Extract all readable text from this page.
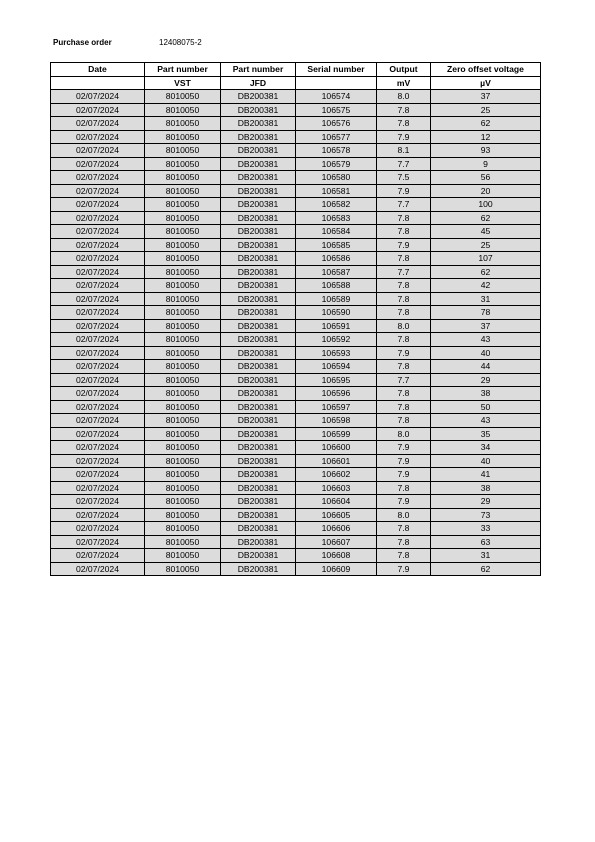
Purchase order	12408075-2
Date	Part number	Part number	Serial number	Output	Zero offset voltage
	VST	JFD		mV	µV
02/07/2024	8010050	DB200381	106574	8.0	37
02/07/2024	8010050	DB200381	106575	7.8	25
02/07/2024	8010050	DB200381	106576	7.8	62
02/07/2024	8010050	DB200381	106577	7.9	12
02/07/2024	8010050	DB200381	106578	8.1	93
02/07/2024	8010050	DB200381	106579	7.7	9
02/07/2024	8010050	DB200381	106580	7.5	56
02/07/2024	8010050	DB200381	106581	7.9	20
02/07/2024	8010050	DB200381	106582	7.7	100
02/07/2024	8010050	DB200381	106583	7.8	62
02/07/2024	8010050	DB200381	106584	7.8	45
02/07/2024	8010050	DB200381	106585	7.9	25
02/07/2024	8010050	DB200381	106586	7.8	107
02/07/2024	8010050	DB200381	106587	7.7	62
02/07/2024	8010050	DB200381	106588	7.8	42
02/07/2024	8010050	DB200381	106589	7.8	31
02/07/2024	8010050	DB200381	106590	7.8	78
02/07/2024	8010050	DB200381	106591	8.0	37
02/07/2024	8010050	DB200381	106592	7.8	43
02/07/2024	8010050	DB200381	106593	7.9	40
02/07/2024	8010050	DB200381	106594	7.8	44
02/07/2024	8010050	DB200381	106595	7.7	29
02/07/2024	8010050	DB200381	106596	7.8	38
02/07/2024	8010050	DB200381	106597	7.8	50
02/07/2024	8010050	DB200381	106598	7.8	43
02/07/2024	8010050	DB200381	106599	8.0	35
02/07/2024	8010050	DB200381	106600	7.9	34
02/07/2024	8010050	DB200381	106601	7.9	40
02/07/2024	8010050	DB200381	106602	7.9	41
02/07/2024	8010050	DB200381	106603	7.8	38
02/07/2024	8010050	DB200381	106604	7.9	29
02/07/2024	8010050	DB200381	106605	8.0	73
02/07/2024	8010050	DB200381	106606	7.8	33
02/07/2024	8010050	DB200381	106607	7.8	63
02/07/2024	8010050	DB200381	106608	7.8	31
02/07/2024	8010050	DB200381	106609	7.9	62
